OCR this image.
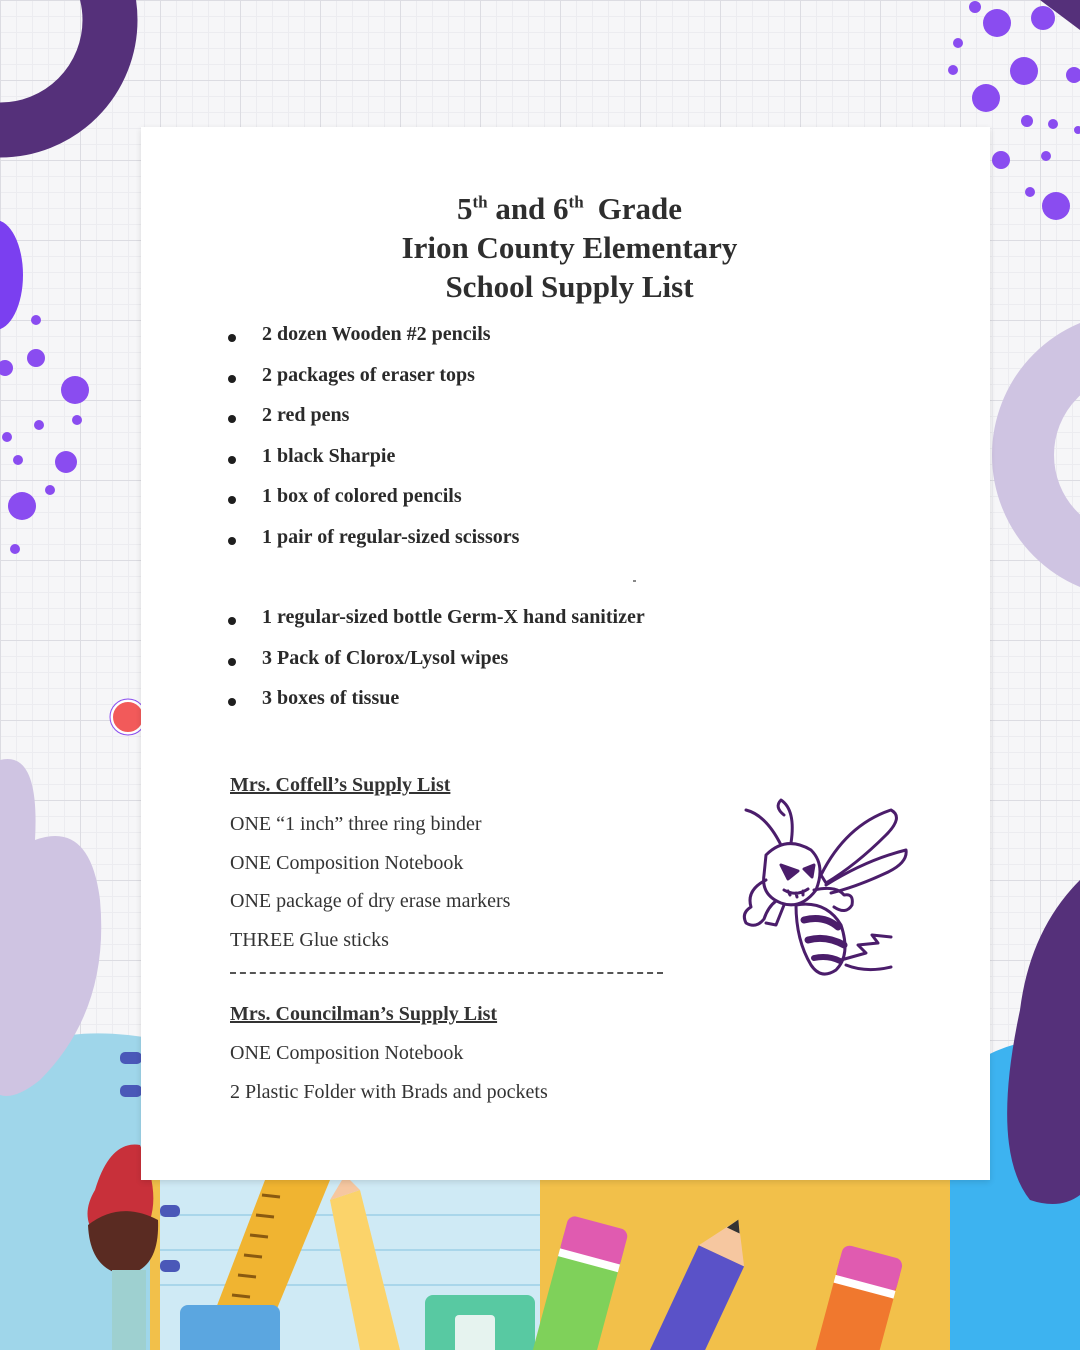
5th and 6th Grade
Irion County Elementary
School Supply List
2 dozen Wooden #2 pencils
2 packages of eraser tops
2 red pens
1 black Sharpie
1 box of colored pencils
1 pair of regular-sized scissors
1 regular-sized bottle Germ-X hand sanitizer
3 Pack of Clorox/Lysol wipes
3 boxes of tissue
Mrs. Coffell’s Supply List
ONE “1 inch” three ring binder
ONE Composition Notebook
ONE package of dry erase markers
THREE Glue sticks
Mrs. Councilman’s Supply List
ONE Composition Notebook
2 Plastic Folder with Brads and pockets
